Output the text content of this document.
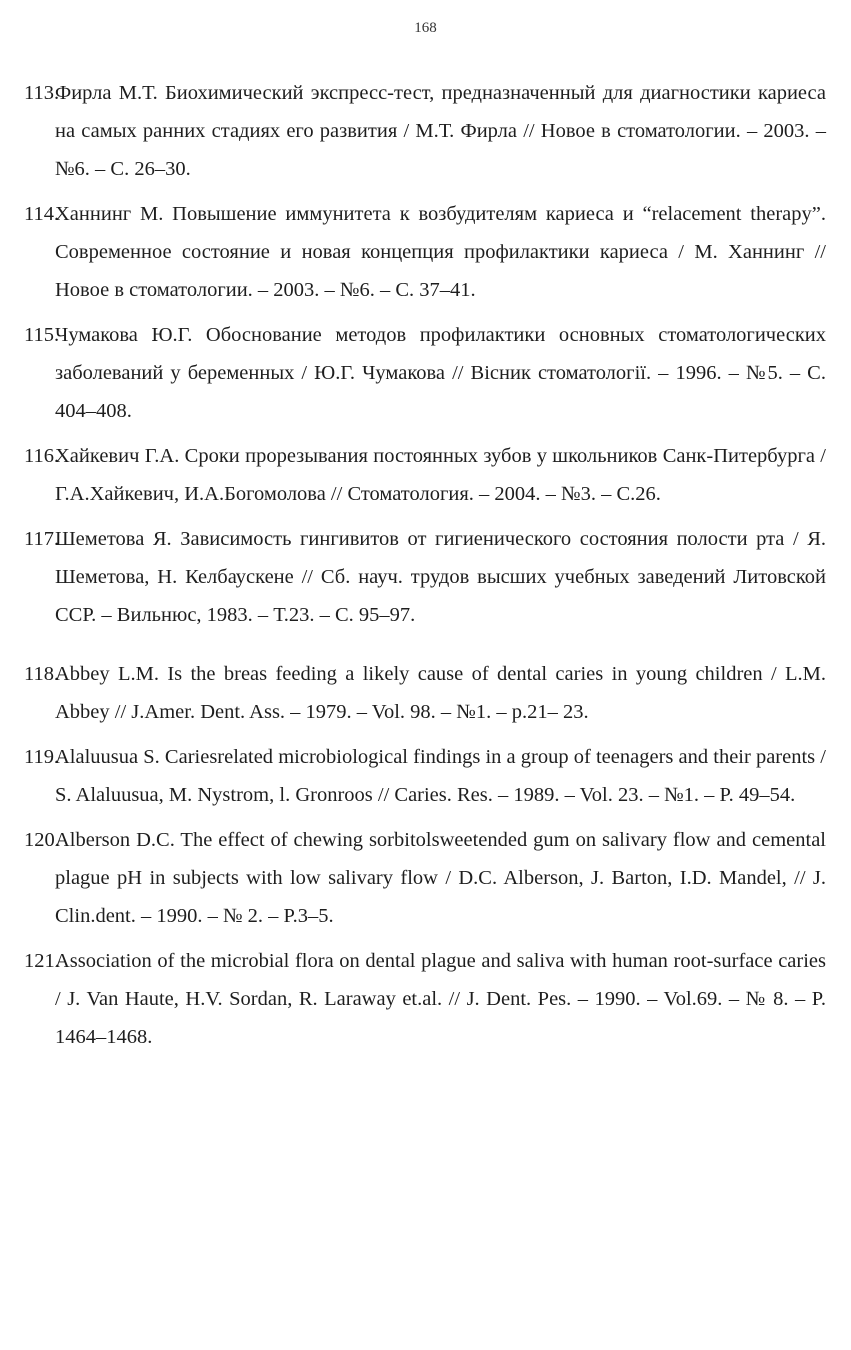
168
113.
Фирла М.Т. Биохимический экспресс-тест, предназначенный для диагностики кариеса на самых ранних стадиях его развития / М.Т. Фирла // Новое в стоматологии. – 2003. – №6. – С. 26–30.
114.
Ханнинг М. Повышение иммунитета к возбудителям кариеса и “relacement therapy”. Современное состояние и новая концепция профилактики кариеса / М. Ханнинг // Новое в стоматологии. – 2003. – №6. – С. 37–41.
115.
Чумакова Ю.Г. Обоснование методов профилактики основных стоматологических заболеваний у беременных / Ю.Г. Чумакова // Вісник стоматології. – 1996. – №5. – С. 404–408.
116.
Хайкевич Г.А. Сроки прорезывания постоянных зубов у школьников Санк-Питербурга / Г.А.Хайкевич, И.А.Богомолова // Стоматология. – 2004. – №3. – С.26.
117.
Шеметова Я. Зависимость гингивитов от гигиенического состояния полости рта / Я. Шеметова, Н. Келбаускене // Сб. науч. трудов высших учебных заведений Литовской ССР. – Вильнюс, 1983. – Т.23. – С. 95–97.
118.
Abbey L.M. Is the breas feeding a likely cause of dental caries in young children / L.M. Abbey // J.Amer. Dent. Ass. – 1979. – Vol. 98. – №1. – p.21– 23.
119.
Alaluusua S. Cariesrelated microbiological findings in a group of teenagers and their parents / S. Alaluusua, M. Nystrom, l. Gronroos // Caries. Res. – 1989. – Vol. 23. – №1. – P. 49–54.
120.
Alberson D.C. The effect of chewing sorbitolsweetended gum on salivary flow and cemental plague pH in subjects with low salivary flow / D.C. Alberson, J. Barton, I.D. Mandel, // J. Clin.dent. – 1990. – № 2. – P.3–5.
121.
Association of the microbial flora on dental plague and saliva with human root-surface caries / J. Van Haute, H.V. Sordan, R. Laraway et.al. // J. Dent. Pes. – 1990. – Vol.69. – № 8. – P. 1464–1468.
